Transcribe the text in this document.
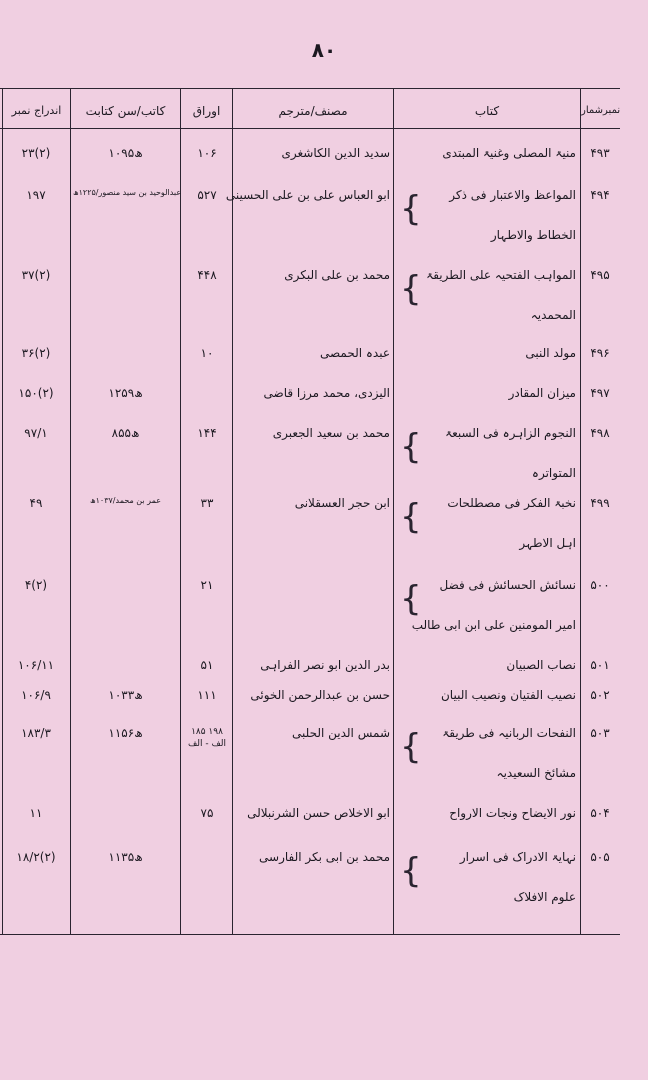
۸۰
نمبرشمار
کتاب
مصنف/مترجم
اوراق
کاتب/سن کتابت
اندراج نمبر
۴۹۳
منیۃ المصلی وغنیۃ المبتدی
سدید الدین الکاشغری
۱۰۶
۱۰۹۵ھ
۲۳(۲)
۴۹۴
المواعظ والاعتبار فی ذکر
الخطاط والاطہار
{
ابو العباس علی بن علی الحسینی
۵۲۷
عبدالوحید بن سید منصور/۱۲۲۵ھ
۱۹۷
۴۹۵
المواہب الفتحیہ علی الطریقۃ
المحمدیہ
{
محمد بن علی البکری
۴۴۸
۳۷(۲)
۴۹۶
مولد النبی
عبدہ الحمصی
۱۰
۳۶(۲)
۴۹۷
میزان المقادر
الیزدی، محمد مرزا قاضی
۱۲۵۹ھ
۱۵۰(۲)
۴۹۸
النجوم الزاہرہ فی السبعۃ
المتواترہ
{
محمد بن سعید الجعبری
۱۴۴
۸۵۵ھ
۹۷/۱
۴۹۹
نخبۃ الفکر فی مصطلحات
اہل الاطہر
{
ابن حجر العسقلانی
۳۳
عمر بن محمد/۱۰۳۷ھ
۴۹
۵۰۰
نسائش الحسائش فی فضل
امیر المومنین علی ابن ابی طالب
{
۲۱
۴(۲)
۵۰۱
نصاب الصبیان
بدر الدین ابو نصر الفراہی
۵۱
۱۰۶/۱۱
۵۰۲
نصیب الفتیان ونصیب البیان
حسن بن عبدالرحمن الخوئی
۱۱۱
۱۰۳۳ھ
۱۰۶/۹
۵۰۳
النفحات الربانیہ فی طریقۃ
مشائخ السعیدیہ
{
شمس الدین الحلبی
۱۸۵ ۱۹۸ الف - الف
۱۱۵۶ھ
۱۸۳/۳
۵۰۴
نور الایضاح ونجات الارواح
ابو الاخلاص حسن الشرنبلالی
۷۵
۱۱
۵۰۵
نہایۃ الادراک فی اسرار
علوم الافلاک
{
محمد بن ابی بکر الفارسی
۱۱۳۵ھ
۱۸/۲(۲)
